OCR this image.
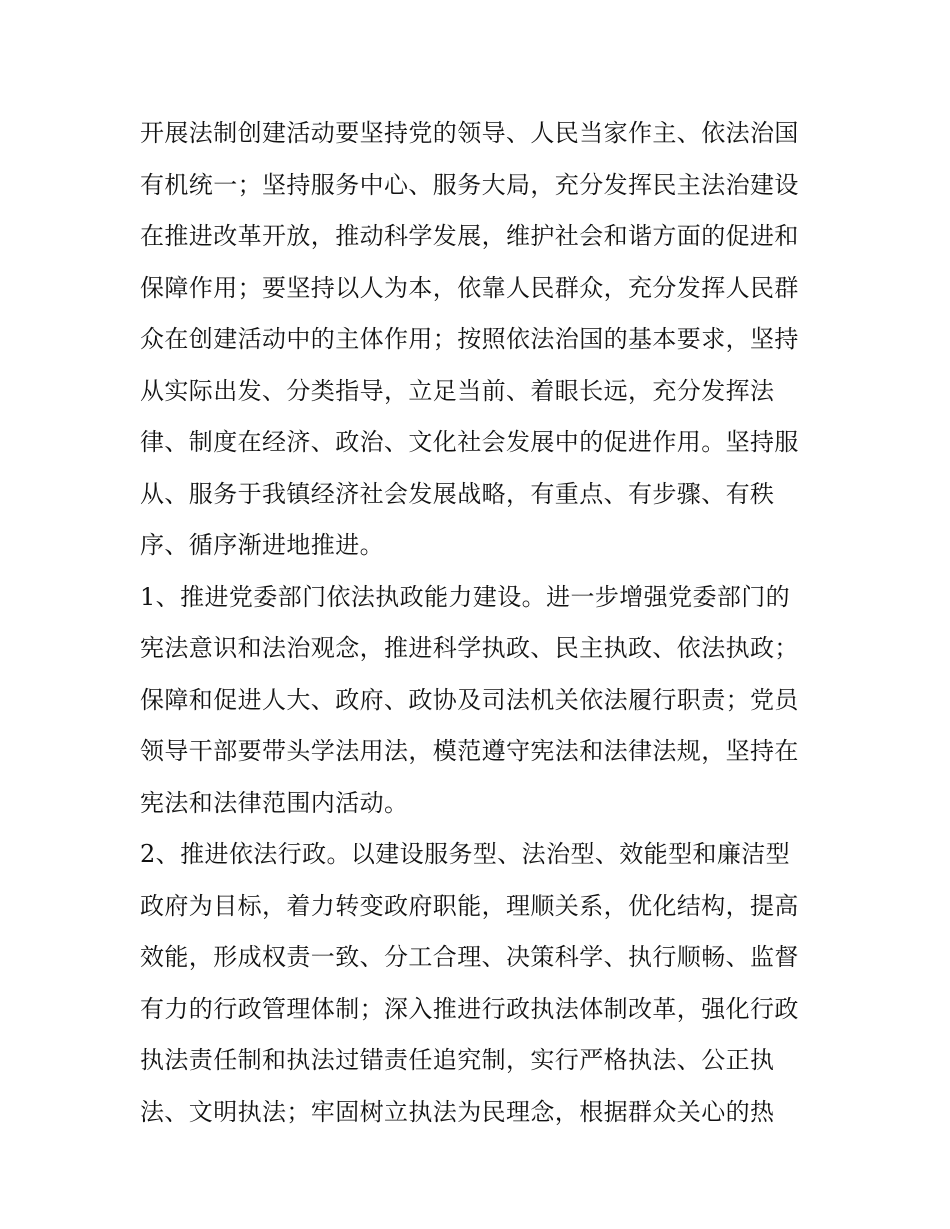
开展法制创建活动要坚持党的领导、人民当家作主、依法治国
有机统一；坚持服务中心、服务大局，充分发挥民主法治建设
在推进改革开放，推动科学发展，维护社会和谐方面的促进和
保障作用；要坚持以人为本，依靠人民群众，充分发挥人民群
众在创建活动中的主体作用；按照依法治国的基本要求，坚持
从实际出发、分类指导，立足当前、着眼长远，充分发挥法
律、制度在经济、政治、文化社会发展中的促进作用。坚持服
从、服务于我镇经济社会发展战略，有重点、有步骤、有秩
序、循序渐进地推进。
1、推进党委部门依法执政能力建设。进一步增强党委部门的
宪法意识和法治观念，推进科学执政、民主执政、依法执政；
保障和促进人大、政府、政协及司法机关依法履行职责；党员
领导干部要带头学法用法，模范遵守宪法和法律法规，坚持在
宪法和法律范围内活动。
2、推进依法行政。以建设服务型、法治型、效能型和廉洁型
政府为目标，着力转变政府职能，理顺关系，优化结构，提高
效能，形成权责一致、分工合理、决策科学、执行顺畅、监督
有力的行政管理体制；深入推进行政执法体制改革，强化行政
执法责任制和执法过错责任追究制，实行严格执法、公正执
法、文明执法；牢固树立执法为民理念，根据群众关心的热
